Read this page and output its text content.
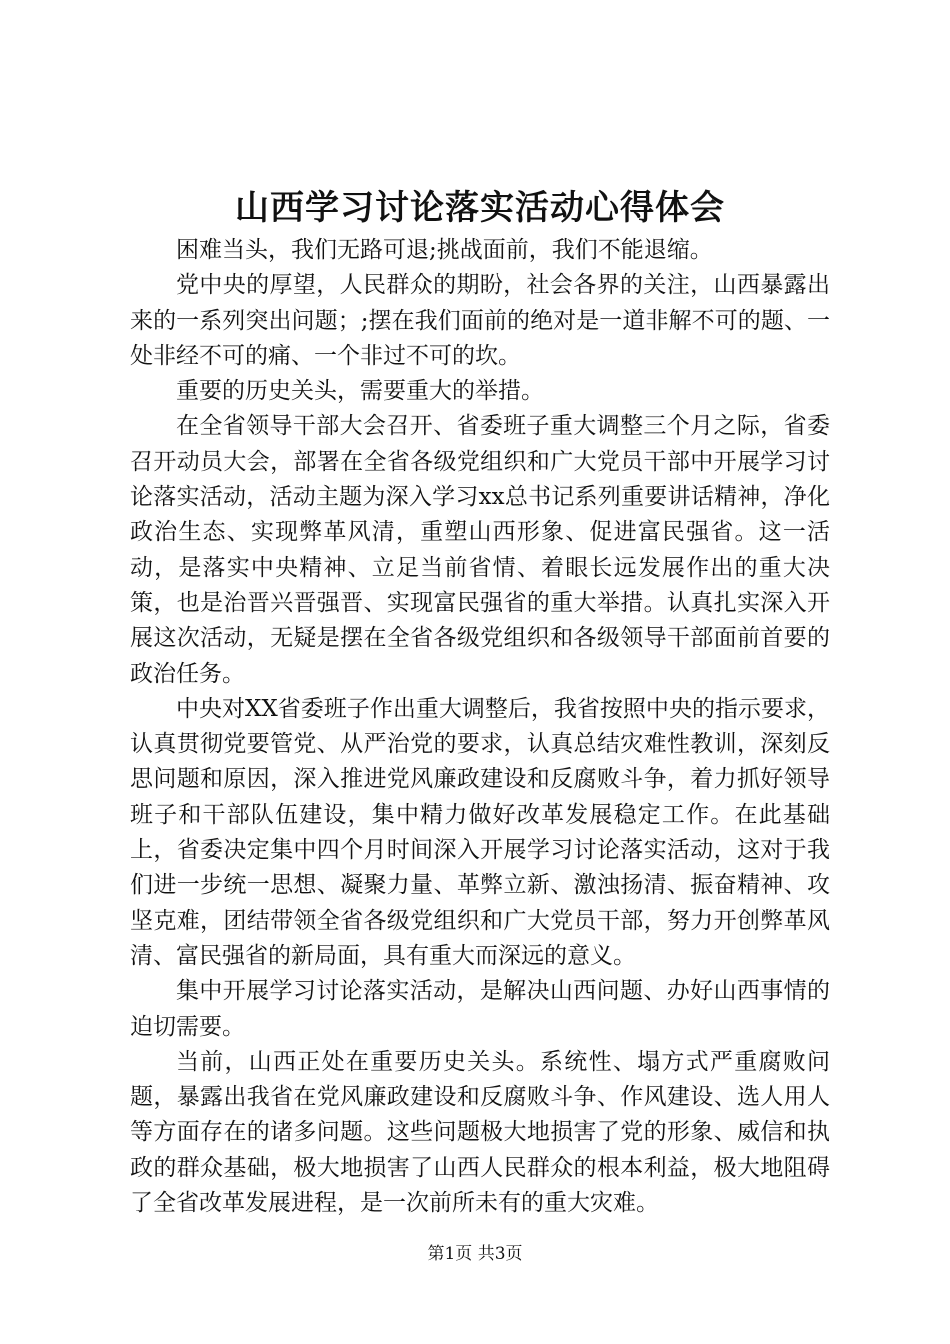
山西学习讨论落实活动心得体会

困难当头，我们无路可退;挑战面前，我们不能退缩。

党中央的厚望，人民群众的期盼，社会各界的关注，山西暴露出来的一系列突出问题；;摆在我们面前的绝对是一道非解不可的题、一处非经不可的痛、一个非过不可的坎。

重要的历史关头，需要重大的举措。

在全省领导干部大会召开、省委班子重大调整三个月之际，省委召开动员大会，部署在全省各级党组织和广大党员干部中开展学习讨论落实活动，活动主题为深入学习xx总书记系列重要讲话精神，净化政治生态、实现弊革风清，重塑山西形象、促进富民强省。这一活动，是落实中央精神、立足当前省情、着眼长远发展作出的重大决策，也是治晋兴晋强晋、实现富民强省的重大举措。认真扎实深入开展这次活动，无疑是摆在全省各级党组织和各级领导干部面前首要的政治任务。

中央对XX省委班子作出重大调整后，我省按照中央的指示要求，认真贯彻党要管党、从严治党的要求，认真总结灾难性教训，深刻反思问题和原因，深入推进党风廉政建设和反腐败斗争，着力抓好领导班子和干部队伍建设，集中精力做好改革发展稳定工作。在此基础上，省委决定集中四个月时间深入开展学习讨论落实活动，这对于我们进一步统一思想、凝聚力量、革弊立新、激浊扬清、振奋精神、攻坚克难，团结带领全省各级党组织和广大党员干部，努力开创弊革风清、富民强省的新局面，具有重大而深远的意义。

集中开展学习讨论落实活动，是解决山西问题、办好山西事情的迫切需要。

当前，山西正处在重要历史关头。系统性、塌方式严重腐败问题，暴露出我省在党风廉政建设和反腐败斗争、作风建设、选人用人等方面存在的诸多问题。这些问题极大地损害了党的形象、威信和执政的群众基础，极大地损害了山西人民群众的根本利益，极大地阻碍了全省改革发展进程，是一次前所未有的重大灾难。

第1页 共3页
